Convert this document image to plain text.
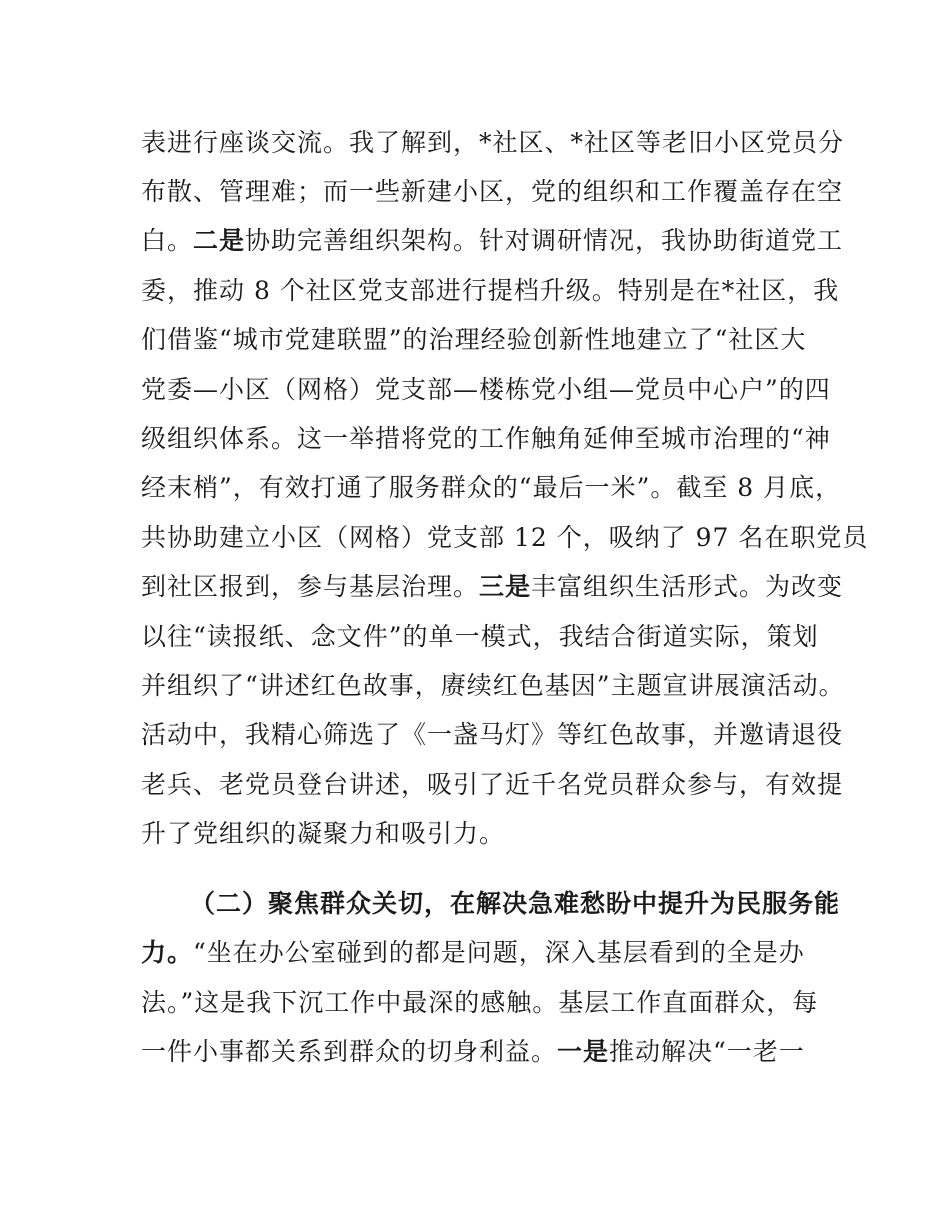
表进行座谈交流。我了解到，*社区、*社区等老旧小区党员分
布散、管理难；而一些新建小区，党的组织和工作覆盖存在空
白。二是协助完善组织架构。针对调研情况，我协助街道党工
委，推动 8 个社区党支部进行提档升级。特别是在*社区，我
们借鉴“城市党建联盟”的治理经验创新性地建立了“社区大
党委—小区（网格）党支部—楼栋党小组—党员中心户”的四
级组织体系。这一举措将党的工作触角延伸至城市治理的“神
经末梢”，有效打通了服务群众的“最后一米”。截至 8 月底，
共协助建立小区（网格）党支部 12 个，吸纳了 97 名在职党员
到社区报到，参与基层治理。三是丰富组织生活形式。为改变
以往“读报纸、念文件”的单一模式，我结合街道实际，策划
并组织了“讲述红色故事，赓续红色基因”主题宣讲展演活动。
活动中，我精心筛选了《一盏马灯》等红色故事，并邀请退役
老兵、老党员登台讲述，吸引了近千名党员群众参与，有效提
升了党组织的凝聚力和吸引力。
（二）聚焦群众关切，在解决急难愁盼中提升为民服务能
力。“坐在办公室碰到的都是问题，深入基层看到的全是办
法。”这是我下沉工作中最深的感触。基层工作直面群众，每
一件小事都关系到群众的切身利益。一是推动解决“一老一
